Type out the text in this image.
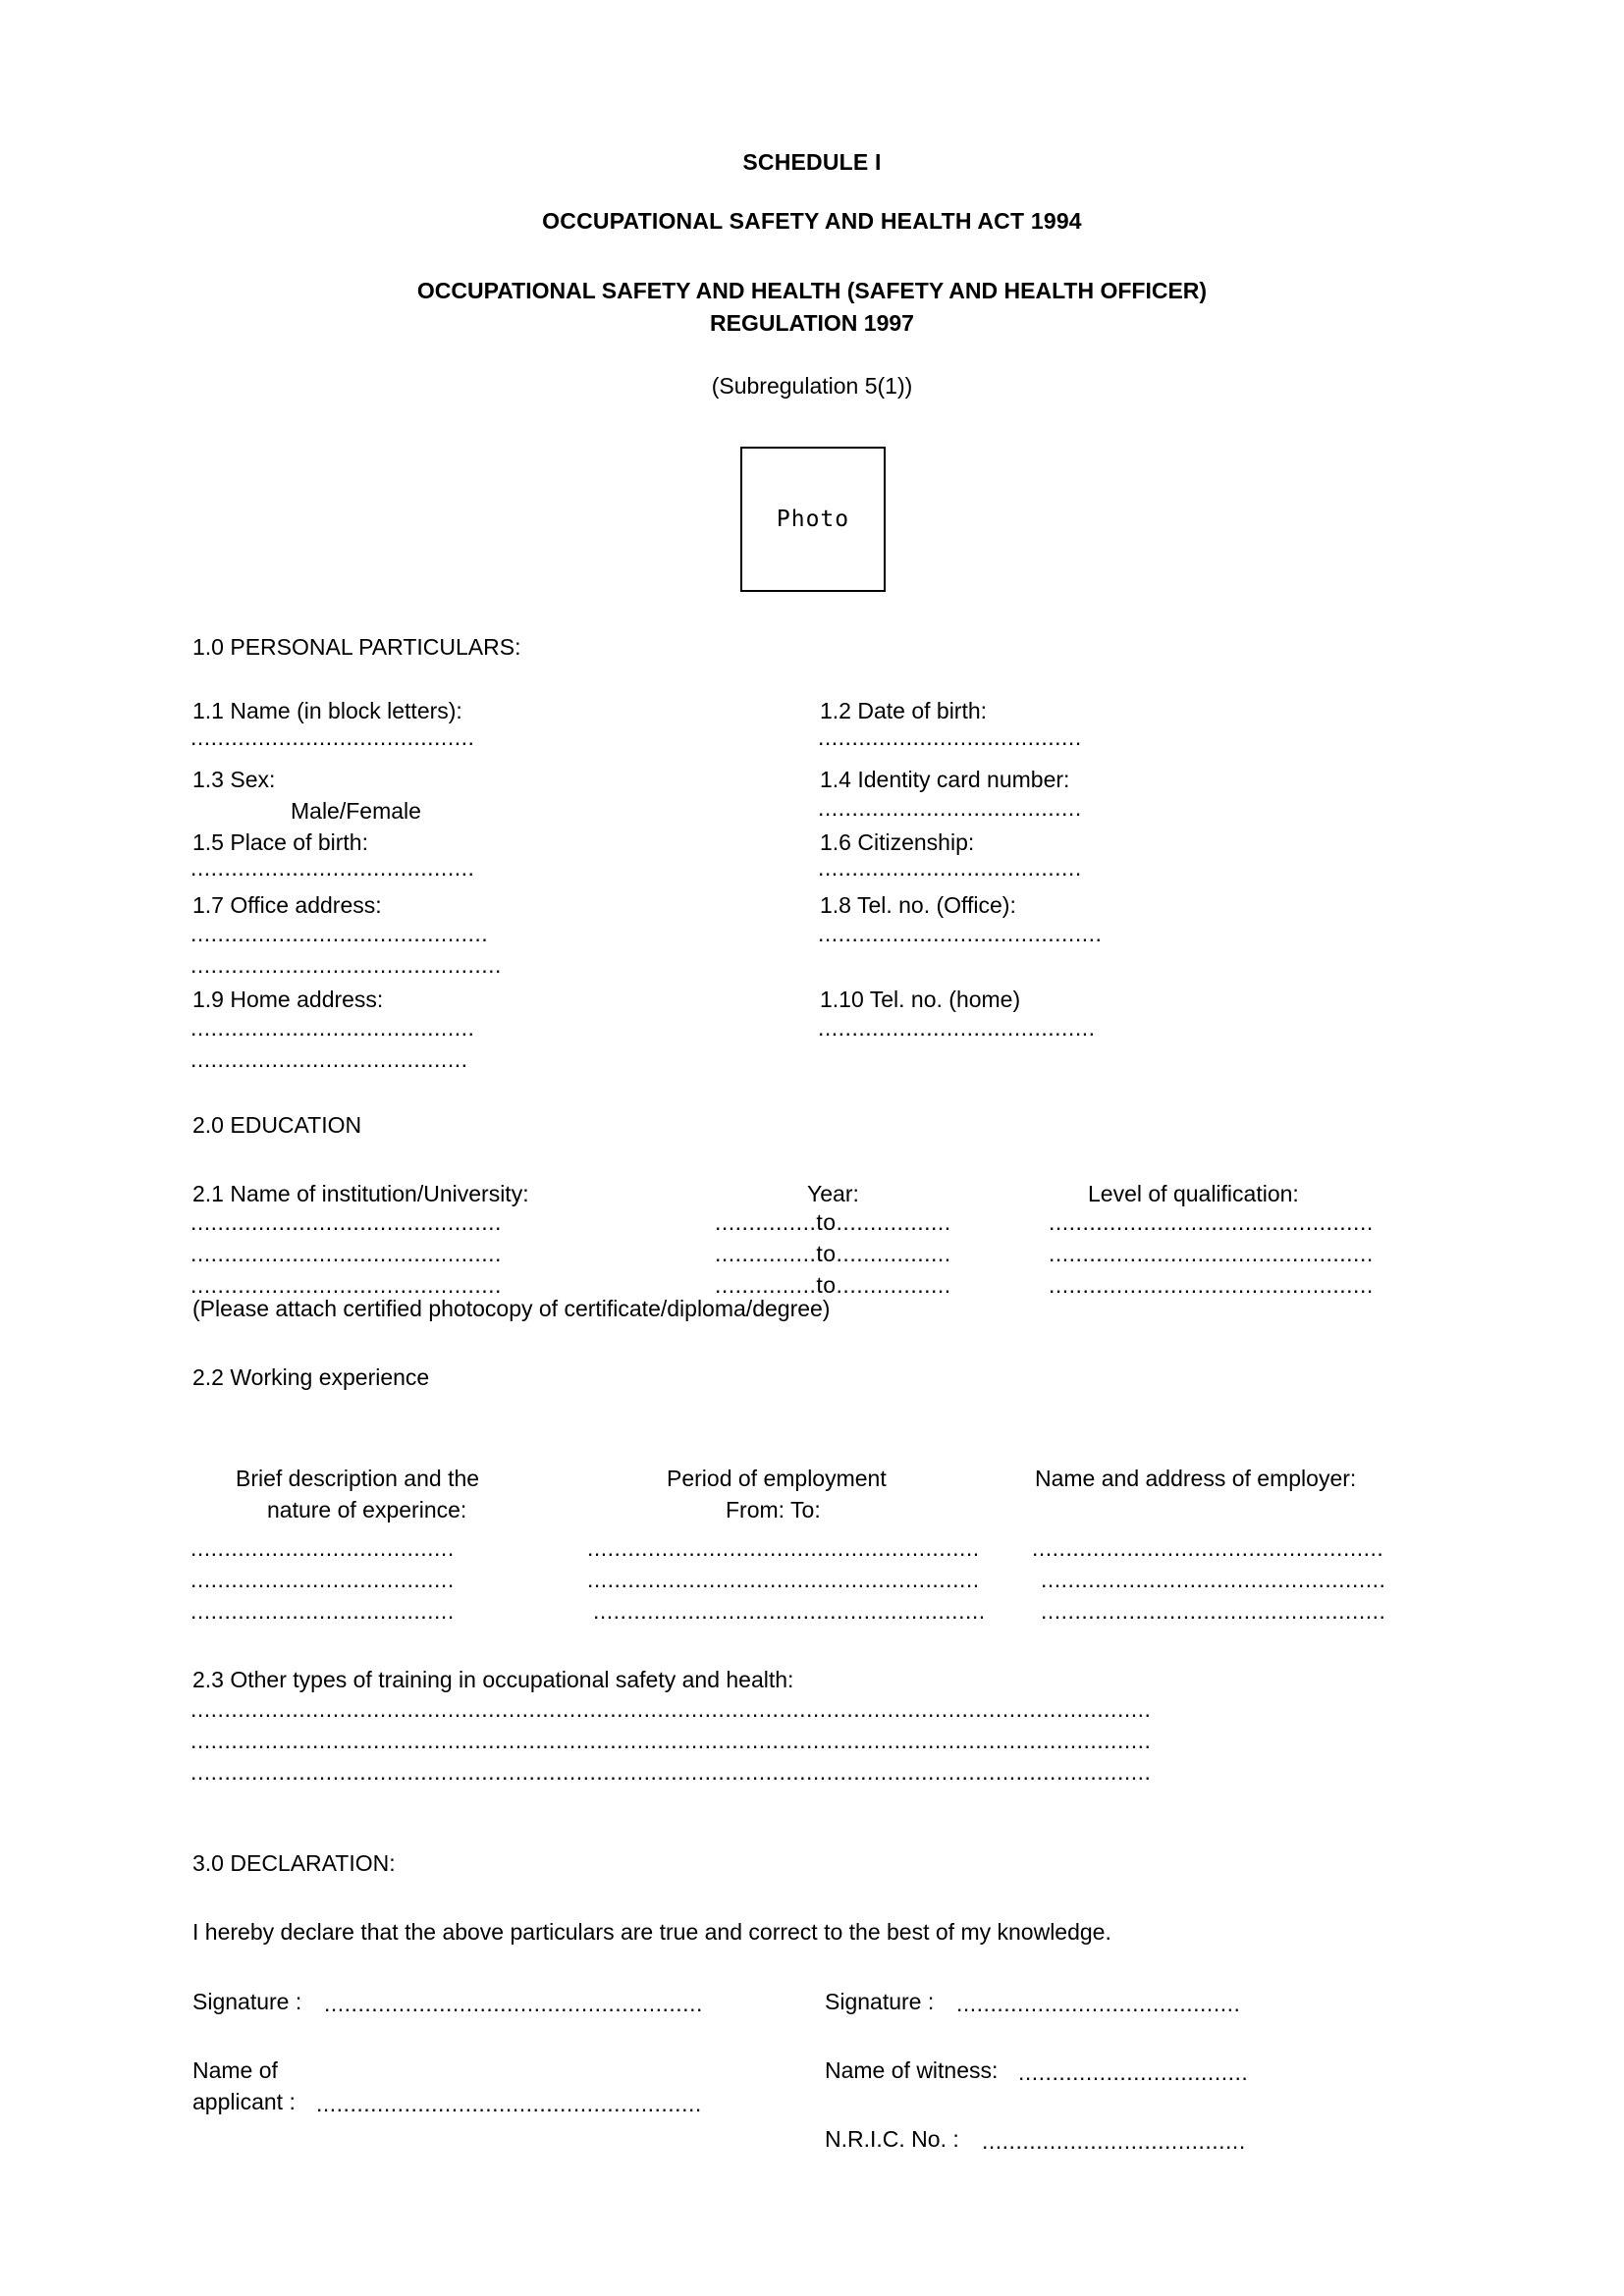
SCHEDULE I
OCCUPATIONAL SAFETY AND HEALTH ACT 1994
OCCUPATIONAL SAFETY AND HEALTH (SAFETY AND HEALTH OFFICER)
REGULATION 1997
(Subregulation 5(1))
Photo
1.0 PERSONAL PARTICULARS:
1.1 Name (in block letters):
..........................................
1.2 Date of birth:
.......................................
1.3 Sex:
Male/Female
1.4 Identity card number:
.......................................
1.5 Place of birth:
..........................................
1.6 Citizenship:
.......................................
1.7 Office address:
............................................
..............................................
1.8 Tel. no. (Office):
..........................................
1.9 Home address:
..........................................
.........................................
1.10 Tel. no. (home)
.........................................
2.0 EDUCATION
2.1 Name of institution/University:	Year:	Level of qualification:
..............................................	...............to.................	................................................
..............................................	...............to.................	................................................
..............................................	...............to.................	................................................
(Please attach certified photocopy of certificate/diploma/degree)
2.2 Working experience
Brief description and the
nature of experince:
Period of employment
From: To:
Name and address of employer:
.......................................	..........................................................	....................................................
.......................................	..........................................................	...................................................
.......................................	..........................................................	...................................................
2.3 Other types of training in occupational safety and health:
..............................................................................................................................................
..............................................................................................................................................
..............................................................................................................................................
3.0 DECLARATION:
I hereby declare that the above particulars are true and correct to the best of my knowledge.
Signature : ........................................................	Signature : ..........................................
Name of
applicant : .........................................................
Name of witness: ..................................
N.R.I.C. No. : .......................................
